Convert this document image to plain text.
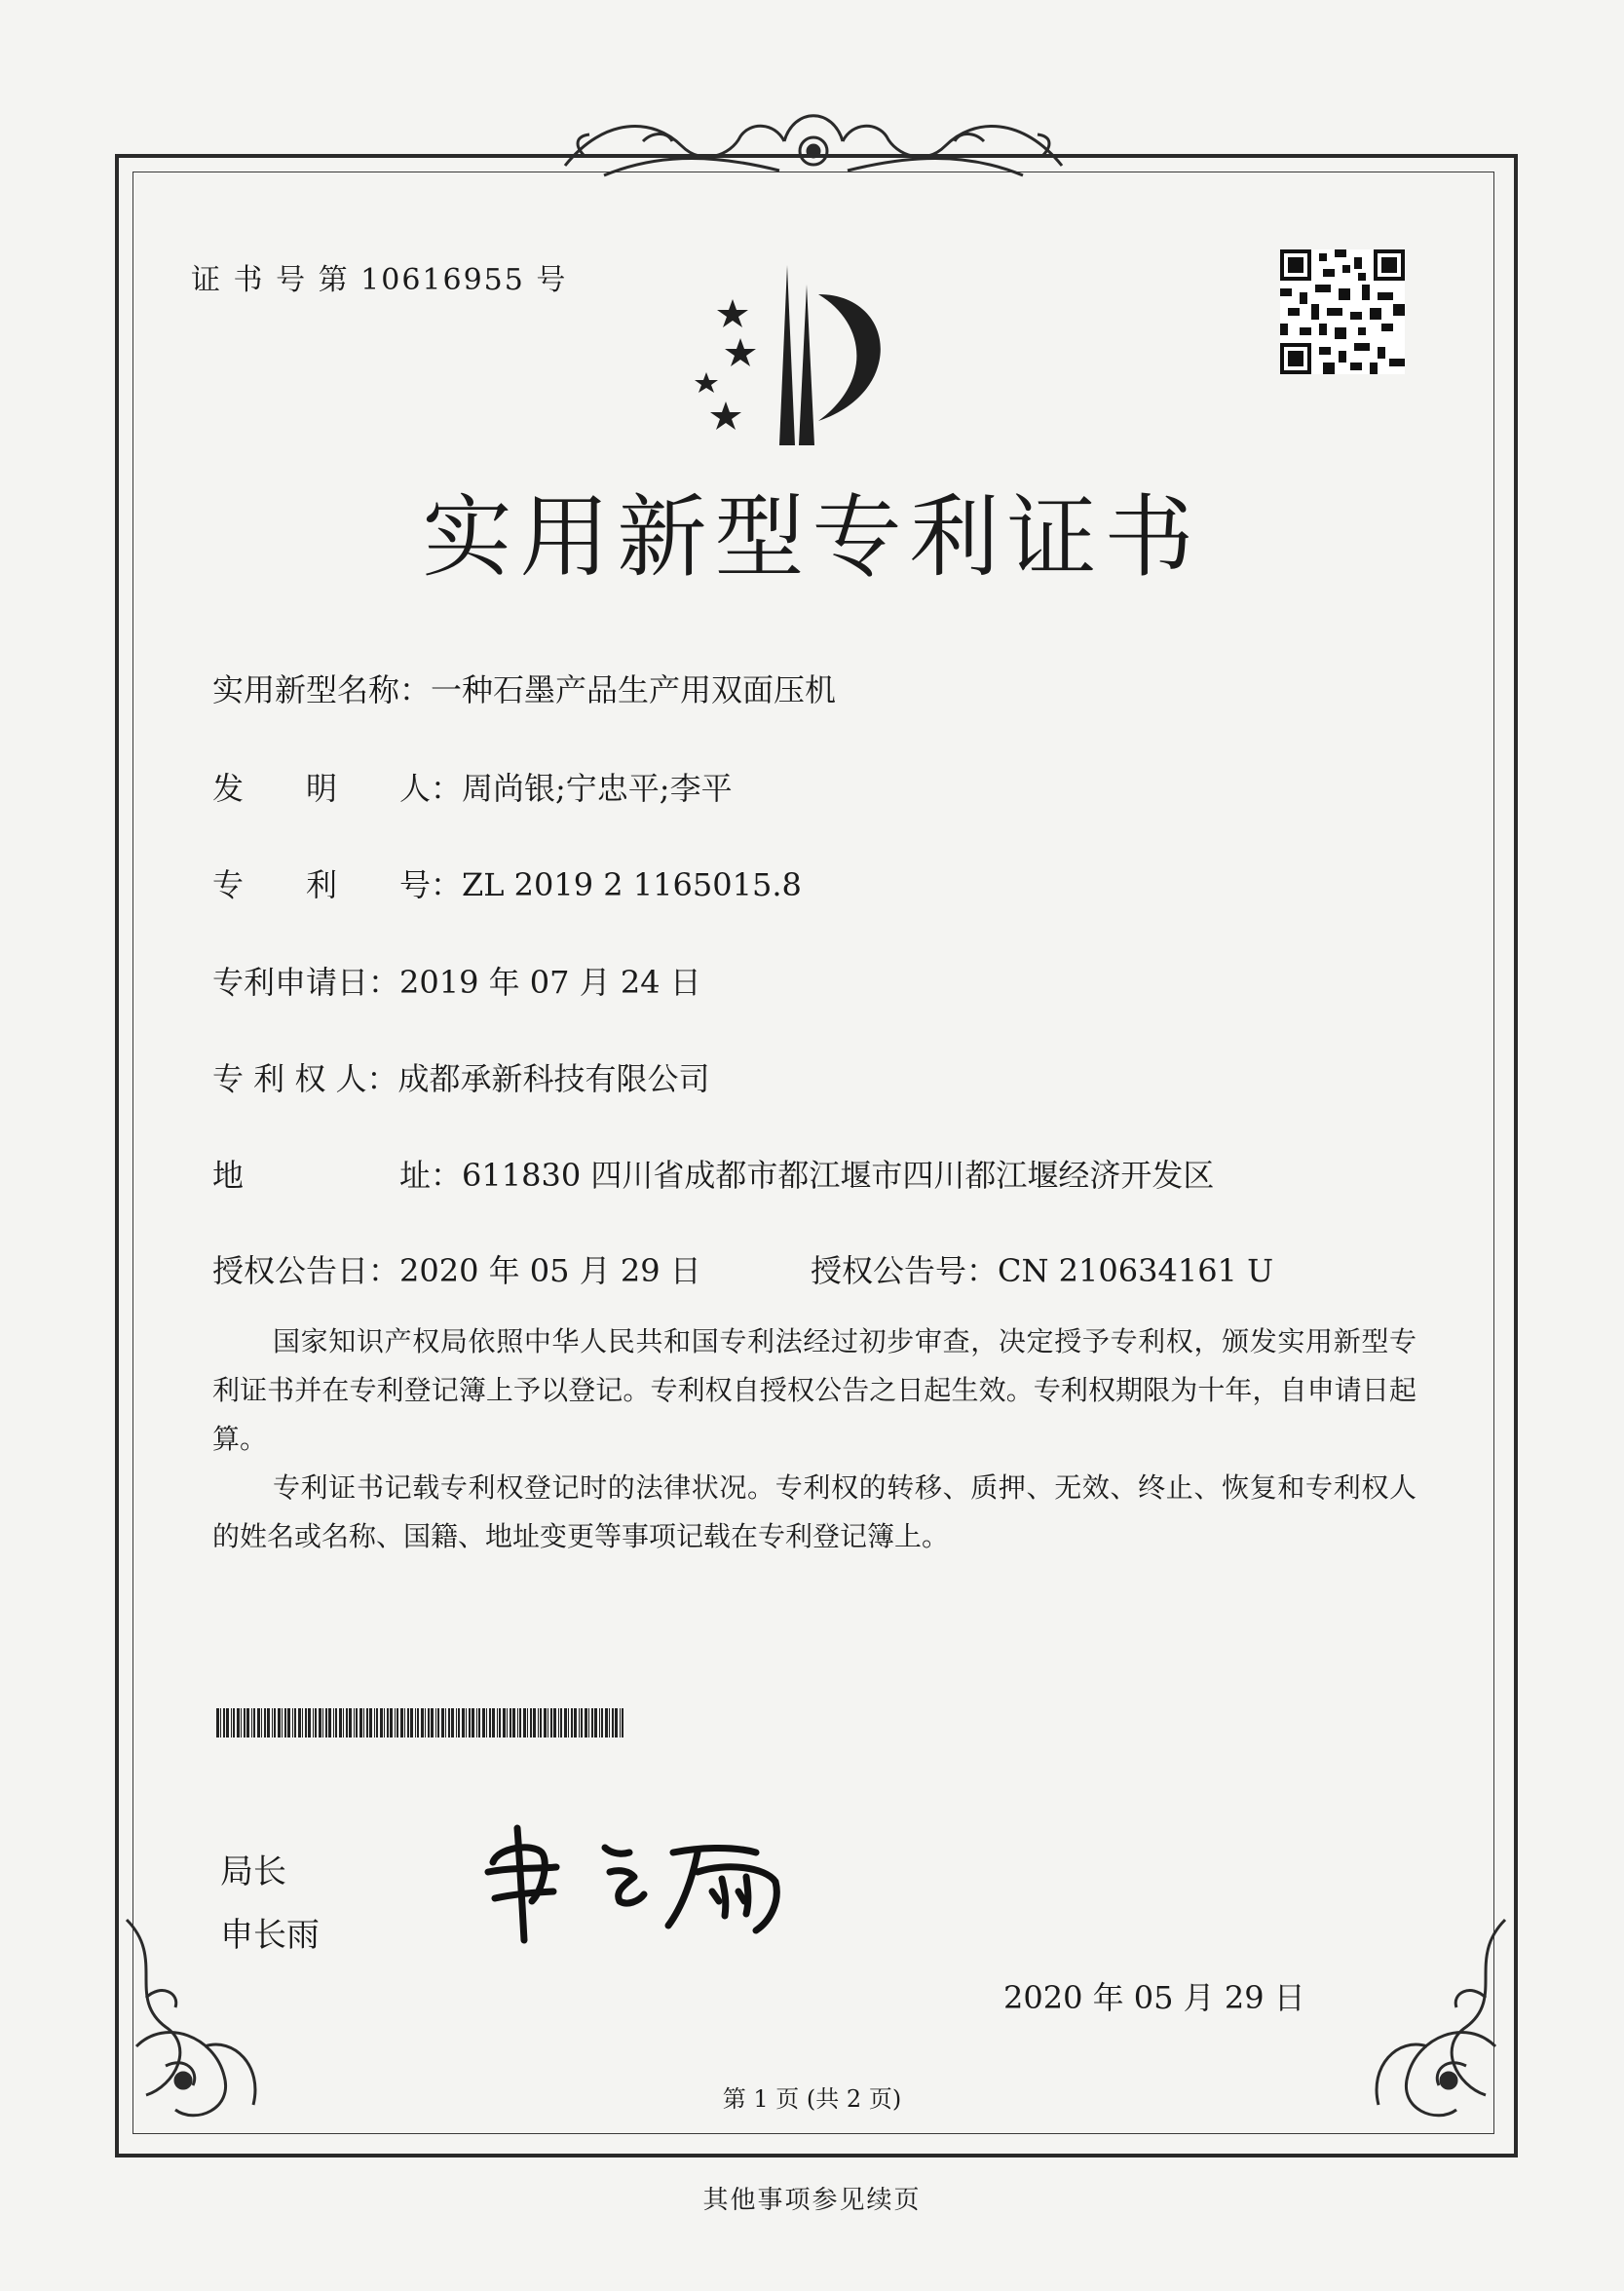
证 书 号 第 10616955 号
实用新型专利证书
实用新型名称：一种石墨产品生产用双面压机
发　　明　　人：周尚银;宁忠平;李平
专　　利　　号：ZL 2019 2 1165015.8
专利申请日：2019 年 07 月 24 日
专 利 权 人：成都承新科技有限公司
地　　　　　址：611830 四川省成都市都江堰市四川都江堰经济开发区
授权公告日：2020 年 05 月 29 日	授权公告号：CN 210634161 U
国家知识产权局依照中华人民共和国专利法经过初步审查，决定授予专利权，颁发实用新型专利证书并在专利登记簿上予以登记。专利权自授权公告之日起生效。专利权期限为十年，自申请日起算。
专利证书记载专利权登记时的法律状况。专利权的转移、质押、无效、终止、恢复和专利权人的姓名或名称、国籍、地址变更等事项记载在专利登记簿上。
局长
申长雨
2020 年 05 月 29 日
第 1 页 (共 2 页)
其他事项参见续页
